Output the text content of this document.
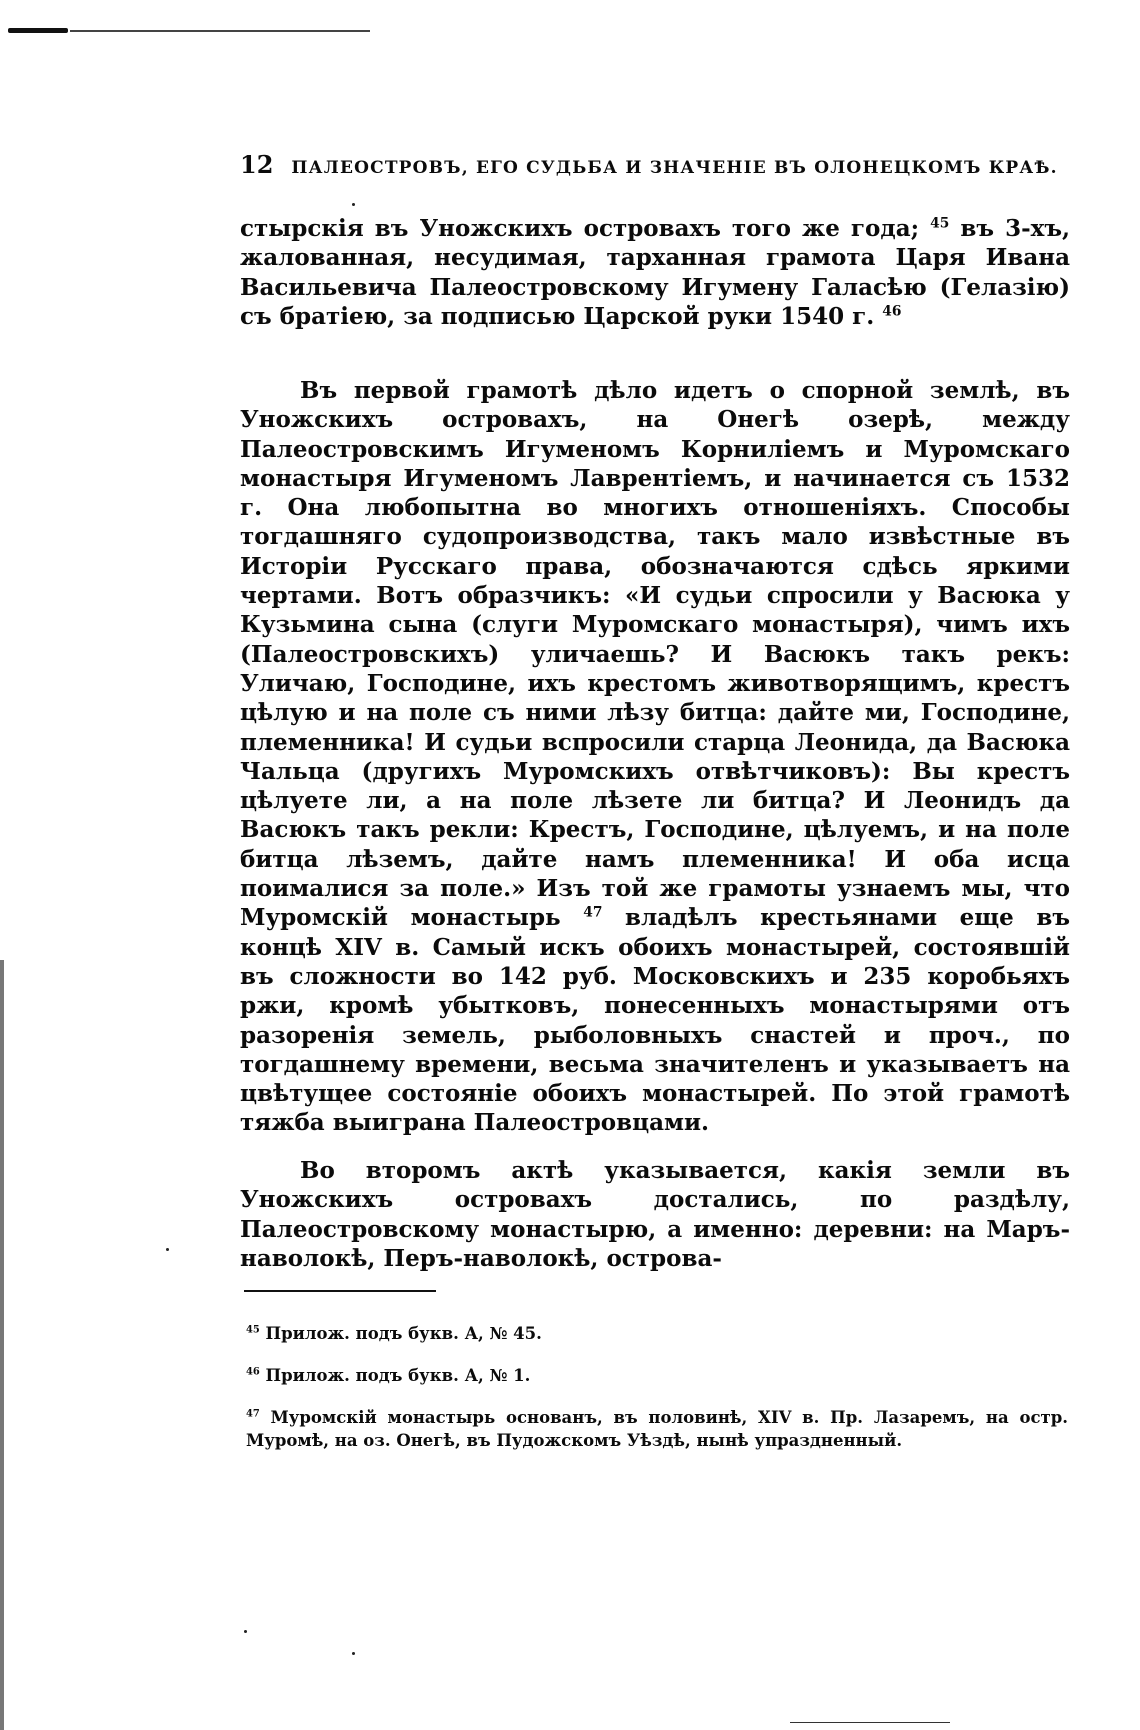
12 ПАЛЕОСТРОВЪ, ЕГО СУДЬБА И ЗНАЧЕНІЕ ВЪ ОЛОНЕЦКОМЪ КРАѢ.

стырскія въ Уножскихъ островахъ того же года; $^{45}$ въ 3-хъ, жалованная, несудимая, тарханная грамота Царя Ивана Васильевича Палеостровскому Игумену Галасѣю (Гелазію) съ братіею, за подписью Царской руки 1540 г. $^{46}$

Въ первой грамотѣ дѣло идетъ о спорной землѣ, въ Уножскихъ островахъ, на Онегѣ озерѣ, между Палеостровскимъ Игуменомъ Корниліемъ и Муромскаго монастыря Игуменомъ Лаврентіемъ, и начинается съ 1532 г. Она любопытна во многихъ отношеніяхъ. Способы тогдашняго судопроизводства, такъ мало извѣстные въ Исторіи Русскаго права, обозначаются сдѣсь яркими чертами. Вотъ образчикъ: «И судьи спросили у Васюка у Кузьмина сына (слуги Муромскаго монастыря), чимъ ихъ (Палеостровскихъ) уличаешь? И Васюкъ такъ рекъ: Уличаю, Господине, ихъ крестомъ животворящимъ, крестъ цѣлую и на поле съ ними лѣзу битца: дайте ми, Господине, племенника! И судьи вспросили старца Леонида, да Васюка Чальца (другихъ Муромскихъ отвѣтчиковъ): Вы крестъ цѣлуете ли, а на поле лѣзете ли битца? И Леонидъ да Васюкъ такъ рекли: Крестъ, Господине, цѣлуемъ, и на поле битца лѣземъ, дайте намъ племенника! И оба исца поималися за поле.» Изъ той же грамоты узнаемъ мы, что Муромскій монастырь $^{47}$ владѣлъ крестьянами еще въ концѣ XIV в. Самый искъ обоихъ монастырей, состоявшій въ сложности во 142 руб. Московскихъ и 235 коробьяхъ ржи, кромѣ убытковъ, понесенныхъ монастырями отъ разоренія земель, рыболовныхъ снастей и проч., по тогдашнему времени, весьма значителенъ и указываетъ на цвѣтущее состояніе обоихъ монастырей. По этой грамотѣ тяжба выиграна Палеостровцами.

Во второмъ актѣ указывается, какія земли въ Уножскихъ островахъ достались, по раздѣлу, Палеостровскому монастырю, а именно: деревни: на Маръ-наволокѣ, Перъ-наволокѣ, острова-

$^{45}$ Прилож. подъ букв. А, № 45.

$^{46}$ Прилож. подъ букв. А, № 1.

$^{47}$ Муромскій монастырь основанъ, въ половинѣ, XIV в. Пр. Лазаремъ, на остр. Муромѣ, на оз. Онегѣ, въ Пудожскомъ Уѣздѣ, нынѣ упраздненный.
